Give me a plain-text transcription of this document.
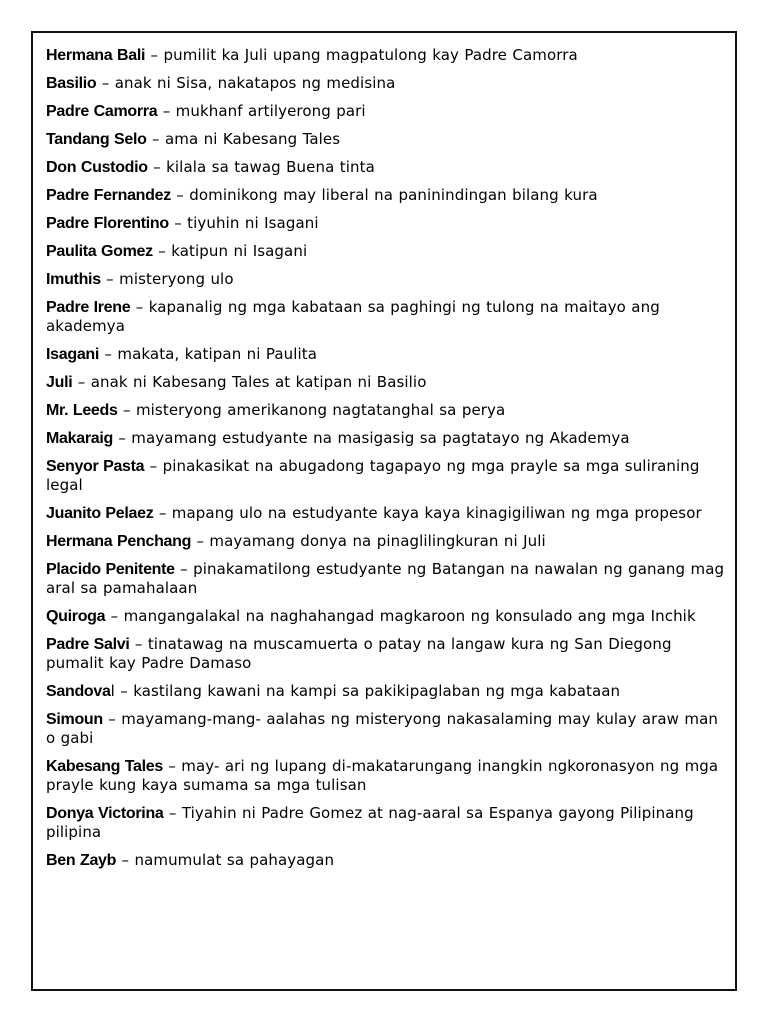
Hermana Bali – pumilit ka Juli upang magpatulong kay Padre Camorra
Basilio – anak ni Sisa, nakatapos ng medisina
Padre Camorra – mukhanf artilyerong pari
Tandang Selo – ama ni Kabesang Tales
Don Custodio – kilala sa tawag Buena tinta
Padre Fernandez – dominikong may liberal na paninindingan bilang kura
Padre Florentino – tiyuhin ni Isagani
Paulita Gomez – katipun ni Isagani
Imuthis – misteryong ulo
Padre Irene – kapanalig ng mga kabataan sa paghingi ng tulong na maitayo ang akademya
Isagani – makata, katipan ni Paulita
Juli – anak ni Kabesang Tales at katipan ni Basilio
Mr. Leeds – misteryong amerikanong nagtatanghal sa perya
Makaraig – mayamang estudyante na masigasig sa pagtatayo ng Akademya
Senyor Pasta – pinakasikat na abugadong tagapayo ng mga prayle sa mga suliraning legal
Juanito Pelaez – mapang ulo na estudyante kaya kaya kinagigiliwan ng mga propesor
Hermana Penchang – mayamang donya na pinaglilingkuran ni Juli
Placido Penitente – pinakamatilong estudyante ng Batangan na nawalan ng ganang mag aral sa pamahalaan
Quiroga – mangangalakal na naghahangad magkaroon ng konsulado ang mga Inchik
Padre Salvi – tinatawag na muscamuerta o patay na langaw kura ng San Diegong pumalit kay Padre Damaso
Sandoval – kastilang kawani na kampi sa pakikipaglaban ng mga kabataan
Simoun – mayamang-mang- aalahas ng misteryong nakasalaming may kulay araw man o gabi
Kabesang Tales – may- ari ng lupang di-makatarungang inangkin ngkoronasyon ng mga prayle kung kaya sumama sa mga tulisan
Donya Victorina – Tiyahin ni Padre Gomez at nag-aaral sa Espanya gayong Pilipinang pilipina
Ben Zayb – namumulat sa pahayagan
